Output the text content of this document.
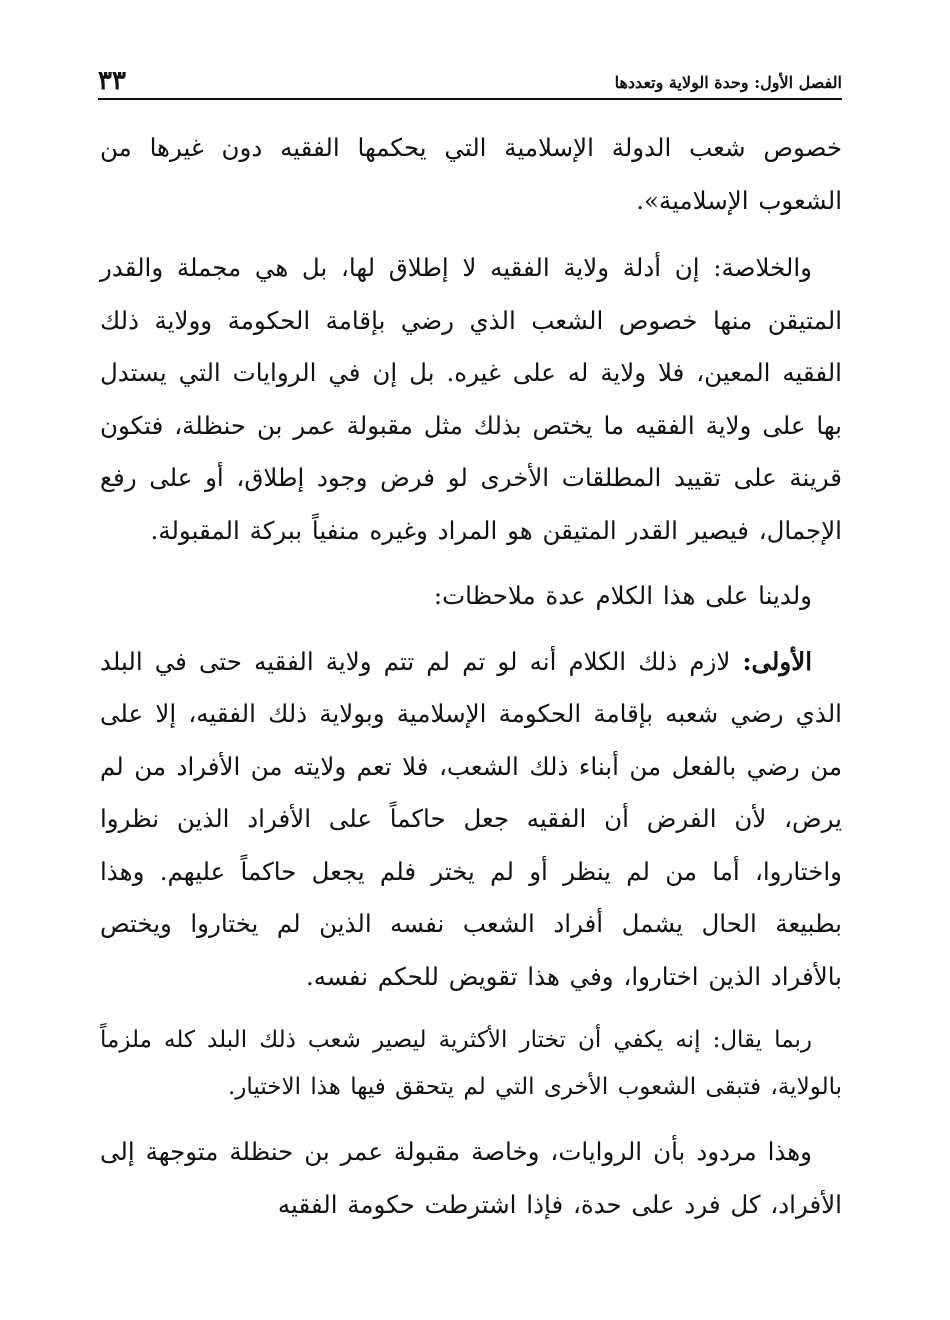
الفصل الأول: وحدة الولاية وتعددها
٣٣

خصوص شعب الدولة الإسلامية التي يحكمها الفقيه دون غيرها من الشعوب الإسلامية».

والخلاصة: إن أدلة ولاية الفقيه لا إطلاق لها، بل هي مجملة والقدر المتيقن منها خصوص الشعب الذي رضي بإقامة الحكومة وولاية ذلك الفقيه المعين، فلا ولاية له على غيره. بل إن في الروايات التي يستدل بها على ولاية الفقيه ما يختص بذلك مثل مقبولة عمر بن حنظلة، فتكون قرينة على تقييد المطلقات الأخرى لو فرض وجود إطلاق، أو على رفع الإجمال، فيصير القدر المتيقن هو المراد وغيره منفياً ببركة المقبولة.

ولدينا على هذا الكلام عدة ملاحظات:

الأولى: لازم ذلك الكلام أنه لو تم لم تتم ولاية الفقيه حتى في البلد الذي رضي شعبه بإقامة الحكومة الإسلامية وبولاية ذلك الفقيه، إلا على من رضي بالفعل من أبناء ذلك الشعب، فلا تعم ولايته من الأفراد من لم يرض، لأن الفرض أن الفقيه جعل حاكماً على الأفراد الذين نظروا واختاروا، أما من لم ينظر أو لم يختر فلم يجعل حاكماً عليهم. وهذا بطبيعة الحال يشمل أفراد الشعب نفسه الذين لم يختاروا ويختص بالأفراد الذين اختاروا، وفي هذا تقويض للحكم نفسه.

ربما يقال: إنه يكفي أن تختار الأكثرية ليصير شعب ذلك البلد كله ملزماً بالولاية، فتبقى الشعوب الأخرى التي لم يتحقق فيها هذا الاختيار.

وهذا مردود بأن الروايات، وخاصة مقبولة عمر بن حنظلة متوجهة إلى الأفراد، كل فرد على حدة، فإذا اشترطت حكومة الفقيه
